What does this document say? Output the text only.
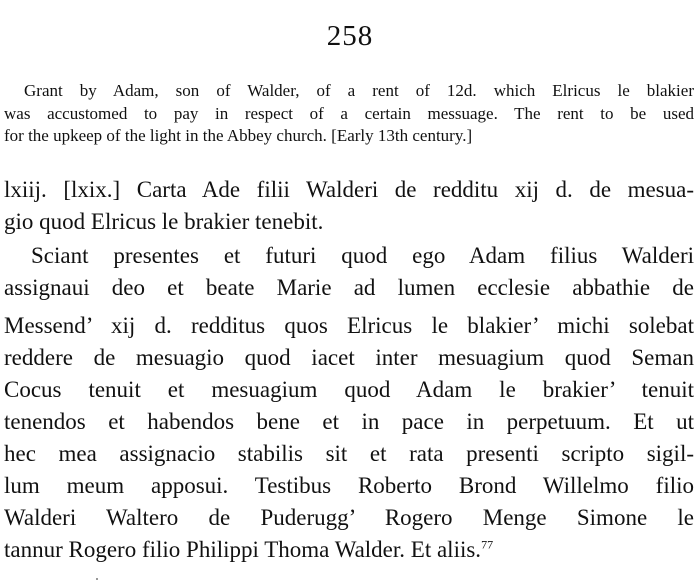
258
Grant by Adam, son of Walder, of a rent of 12d. which Elricus le blakier
was accustomed to pay in respect of a certain messuage. The rent to be used
for the upkeep of the light in the Abbey church. [Early 13th century.]
lxiij. [lxix.] Carta Ade filii Walderi de redditu xij d. de mesua-
gio quod Elricus le brakier tenebit.
Sciant presentes et futuri quod ego Adam filius Walderi
assignaui deo et beate Marie ad lumen ecclesie abbathie de
Messend’ xij d. redditus quos Elricus le blakier’ michi solebat
reddere de mesuagio quod iacet inter mesuagium quod Seman
Cocus tenuit et mesuagium quod Adam le brakier’ tenuit
tenendos et habendos bene et in pace in perpetuum. Et ut
hec mea assignacio stabilis sit et rata presenti scripto sigil-
lum meum apposui. Testibus Roberto Brond Willelmo filio
Walderi Waltero de Puderugg’ Rogero Menge Simone le
tannur Rogero filio Philippi Thoma Walder. Et aliis.$^{77}$
